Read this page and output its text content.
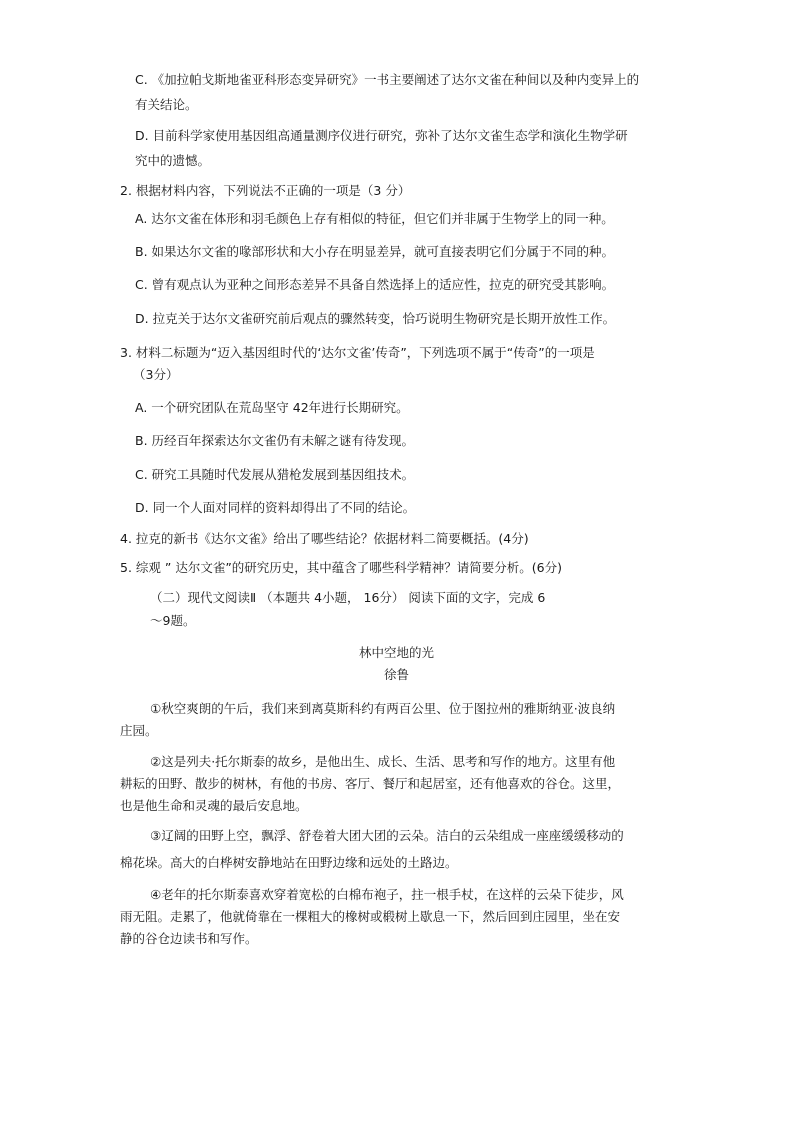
C. 《加拉帕戈斯地雀亚科形态变异研究》一书主要阐述了达尔文雀在种间以及种内变异上的
有关结论。
D. 目前科学家使用基因组高通量测序仪进行研究，弥补了达尔文雀生态学和演化生物学研
究中的遗憾。
2. 根据材料内容，下列说法不正确的一项是（3 分）
A. 达尔文雀在体形和羽毛颜色上存有相似的特征，但它们并非属于生物学上的同一种。
B. 如果达尔文雀的喙部形状和大小存在明显差异，就可直接表明它们分属于不同的种。
C. 曾有观点认为亚种之间形态差异不具备自然选择上的适应性，拉克的研究受其影响。
D. 拉克关于达尔文雀研究前后观点的骤然转变，恰巧说明生物研究是长期开放性工作。
3. 材料二标题为“迈入基因组时代的‘达尔文雀’传奇”，下列选项不属于“传奇”的一项是
（3分）
A. 一个研究团队在荒岛坚守 42年进行长期研究。
B. 历经百年探索达尔文雀仍有未解之谜有待发现。
C. 研究工具随时代发展从猎枪发展到基因组技术。
D. 同一个人面对同样的资料却得出了不同的结论。
4. 拉克的新书《达尔文雀》给出了哪些结论？依据材料二简要概括。(4分)
5. 综观 ” 达尔文雀”的研究历史，其中蕴含了哪些科学精神？请简要分析。(6分)
（二）现代文阅读Ⅱ （本题共 4小题， 16分） 阅读下面的文字，完成 6
～9题。
林中空地的光
徐鲁
①秋空爽朗的午后，我们来到离莫斯科约有两百公里、位于图拉州的雅斯纳亚·波良纳
庄园。
②这是列夫·托尔斯泰的故乡，是他出生、成长、生活、思考和写作的地方。这里有他
耕耘的田野、散步的树林，有他的书房、客厅、餐厅和起居室，还有他喜欢的谷仓。这里，
也是他生命和灵魂的最后安息地。
③辽阔的田野上空，飘浮、舒卷着大团大团的云朵。洁白的云朵组成一座座缓缓移动的
棉花垛。高大的白桦树安静地站在田野边缘和远处的土路边。
④老年的托尔斯泰喜欢穿着宽松的白棉布袍子，拄一根手杖，在这样的云朵下徒步，风
雨无阻。走累了，他就倚靠在一棵粗大的橡树或椴树上歇息一下，然后回到庄园里，坐在安
静的谷仓边读书和写作。
